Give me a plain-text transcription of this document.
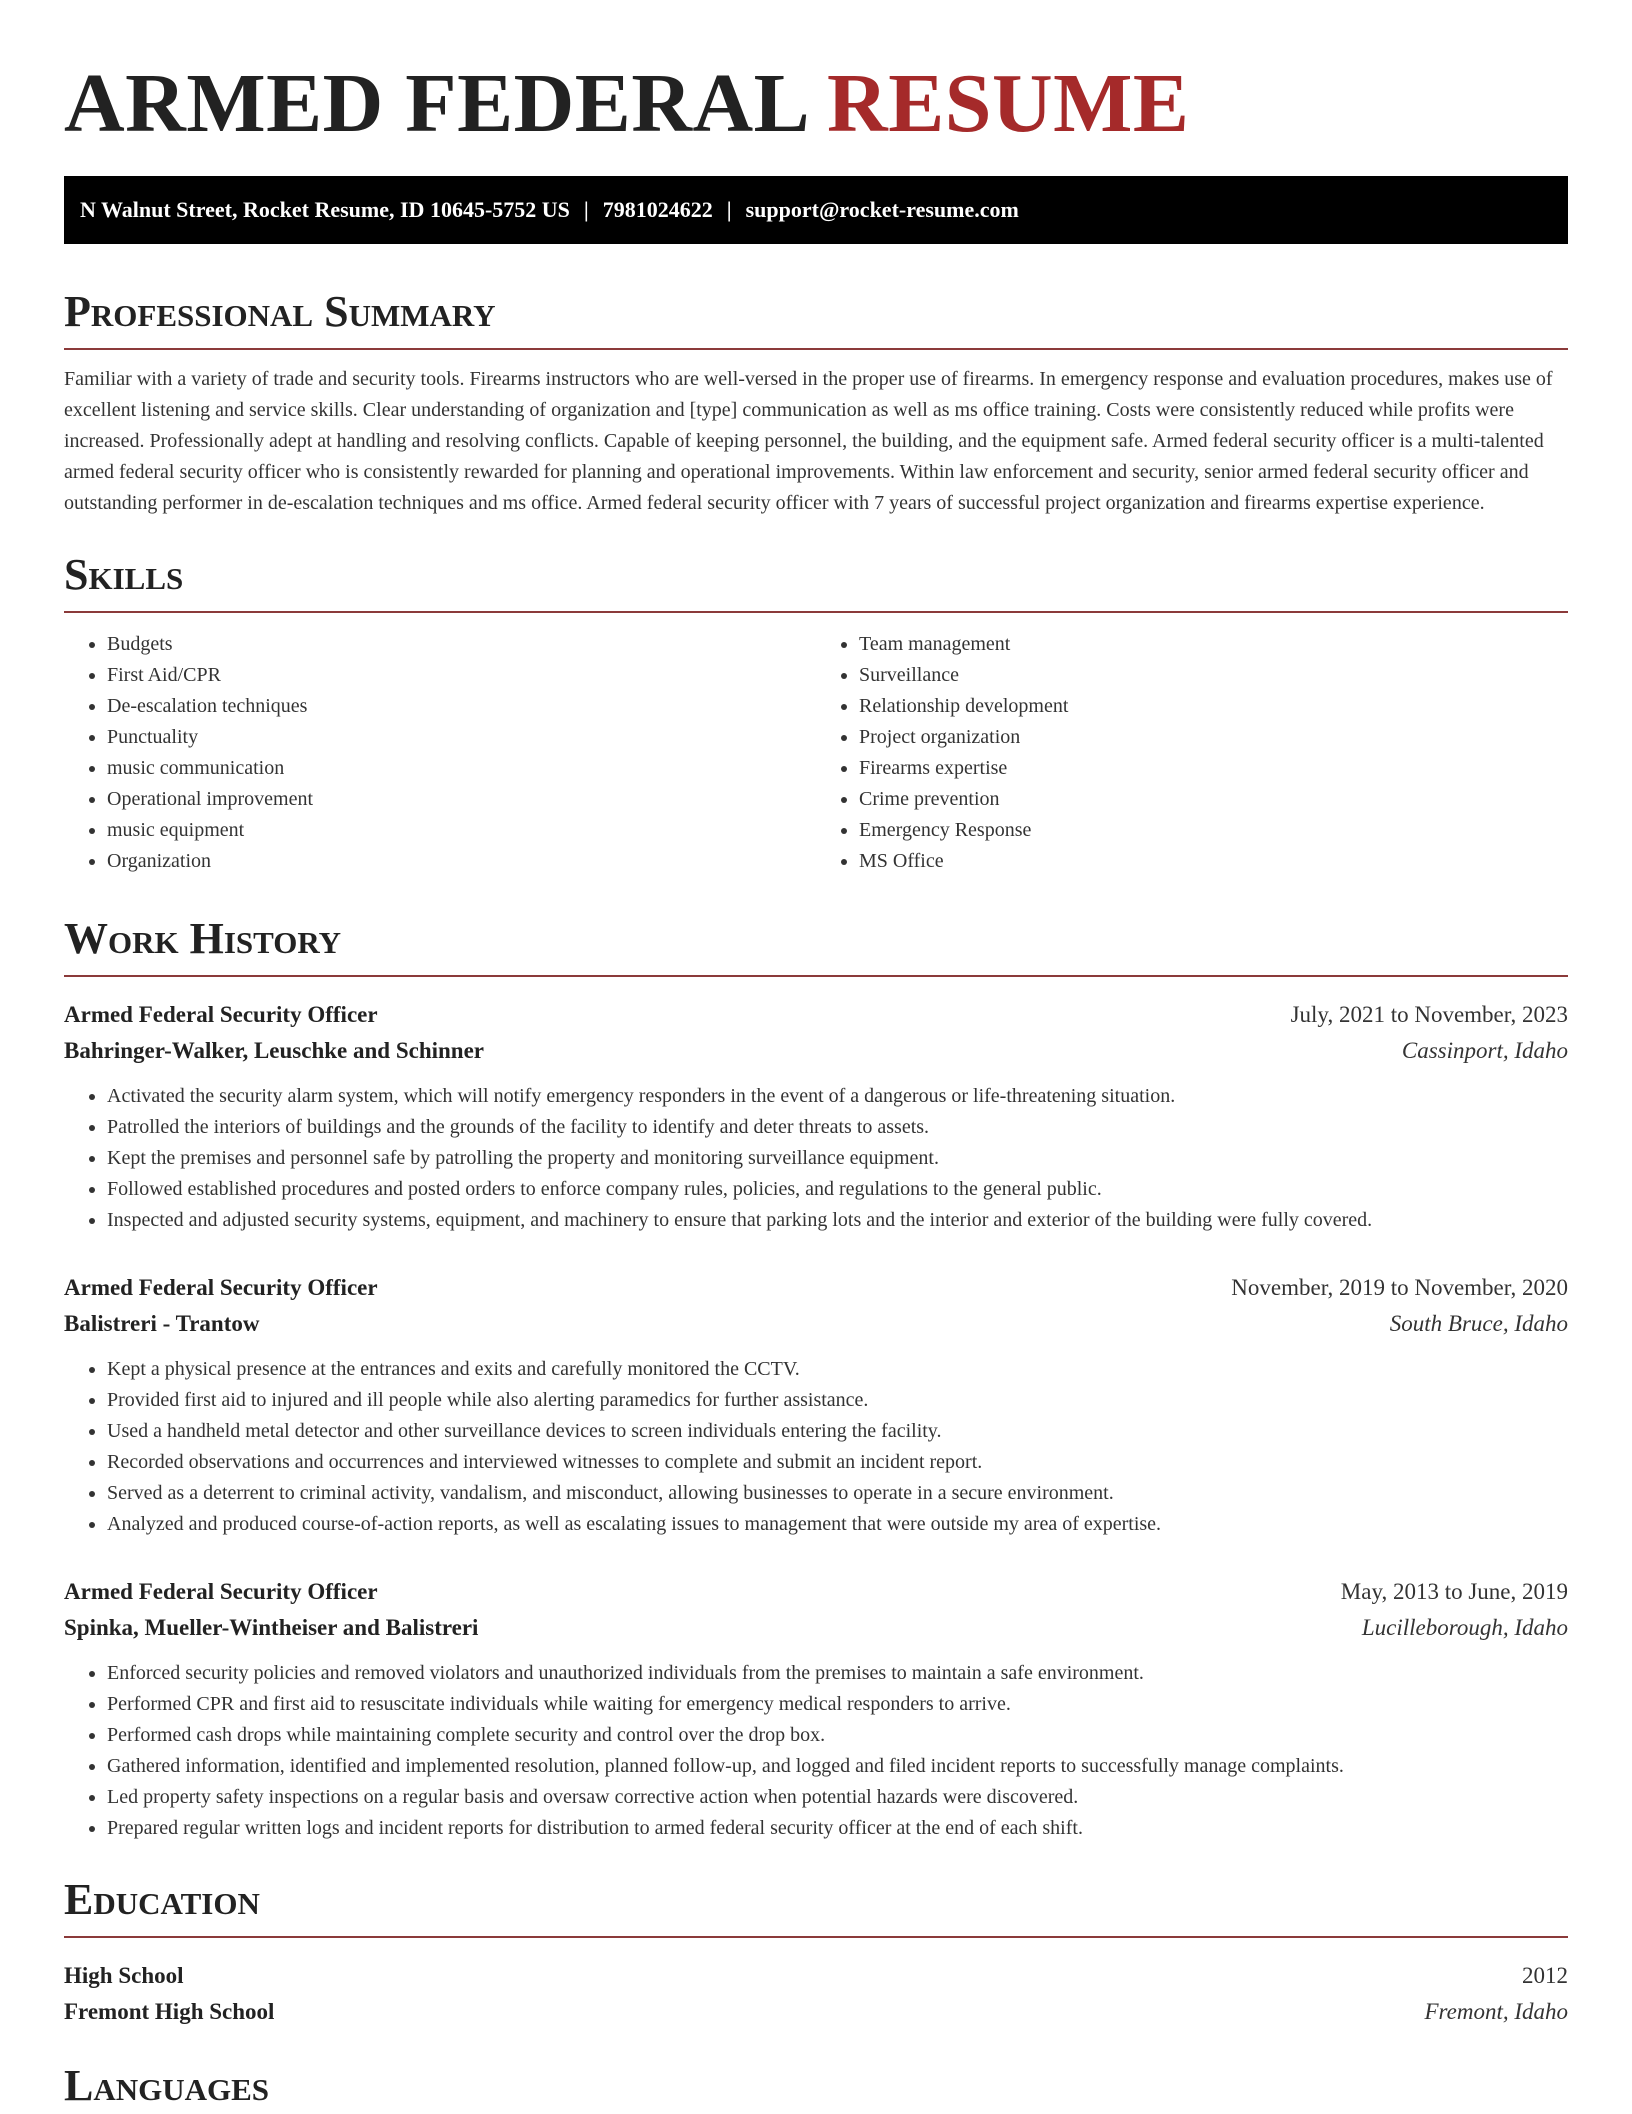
ARMED FEDERAL RESUME
N Walnut Street, Rocket Resume, ID 10645-5752 US | 7981024622 | support@rocket-resume.com
Professional Summary

Familiar with a variety of trade and security tools. Firearms instructors who are well-versed in the proper use of firearms. In emergency response and evaluation procedures, makes use of excellent listening and service skills. Clear understanding of organization and [type] communication as well as ms office training. Costs were consistently reduced while profits were increased. Professionally adept at handling and resolving conflicts. Capable of keeping personnel, the building, and the equipment safe. Armed federal security officer is a multi-talented armed federal security officer who is consistently rewarded for planning and operational improvements. Within law enforcement and security, senior armed federal security officer and outstanding performer in de-escalation techniques and ms office. Armed federal security officer with 7 years of successful project organization and firearms expertise experience.

Skills
• Budgets
• First Aid/CPR
• De-escalation techniques
• Punctuality
• music communication
• Operational improvement
• music equipment
• Organization
• Team management
• Surveillance
• Relationship development
• Project organization
• Firearms expertise
• Crime prevention
• Emergency Response
• MS Office
Work History
Armed Federal Security Officer	July, 2021 to November, 2023
Bahringer-Walker, Leuschke and Schinner	Cassinport, Idaho
• Activated the security alarm system, which will notify emergency responders in the event of a dangerous or life-threatening situation.
• Patrolled the interiors of buildings and the grounds of the facility to identify and deter threats to assets.
• Kept the premises and personnel safe by patrolling the property and monitoring surveillance equipment.
• Followed established procedures and posted orders to enforce company rules, policies, and regulations to the general public.
• Inspected and adjusted security systems, equipment, and machinery to ensure that parking lots and the interior and exterior of the building were fully covered.
Armed Federal Security Officer	November, 2019 to November, 2020
Balistreri - Trantow	South Bruce, Idaho
• Kept a physical presence at the entrances and exits and carefully monitored the CCTV.
• Provided first aid to injured and ill people while also alerting paramedics for further assistance.
• Used a handheld metal detector and other surveillance devices to screen individuals entering the facility.
• Recorded observations and occurrences and interviewed witnesses to complete and submit an incident report.
• Served as a deterrent to criminal activity, vandalism, and misconduct, allowing businesses to operate in a secure environment.
• Analyzed and produced course-of-action reports, as well as escalating issues to management that were outside my area of expertise.
Armed Federal Security Officer	May, 2013 to June, 2019
Spinka, Mueller-Wintheiser and Balistreri	Lucilleborough, Idaho
• Enforced security policies and removed violators and unauthorized individuals from the premises to maintain a safe environment.
• Performed CPR and first aid to resuscitate individuals while waiting for emergency medical responders to arrive.
• Performed cash drops while maintaining complete security and control over the drop box.
• Gathered information, identified and implemented resolution, planned follow-up, and logged and filed incident reports to successfully manage complaints.
• Led property safety inspections on a regular basis and oversaw corrective action when potential hazards were discovered.
• Prepared regular written logs and incident reports for distribution to armed federal security officer at the end of each shift.
Education
High School	2012
Fremont High School	Fremont, Idaho
Languages
